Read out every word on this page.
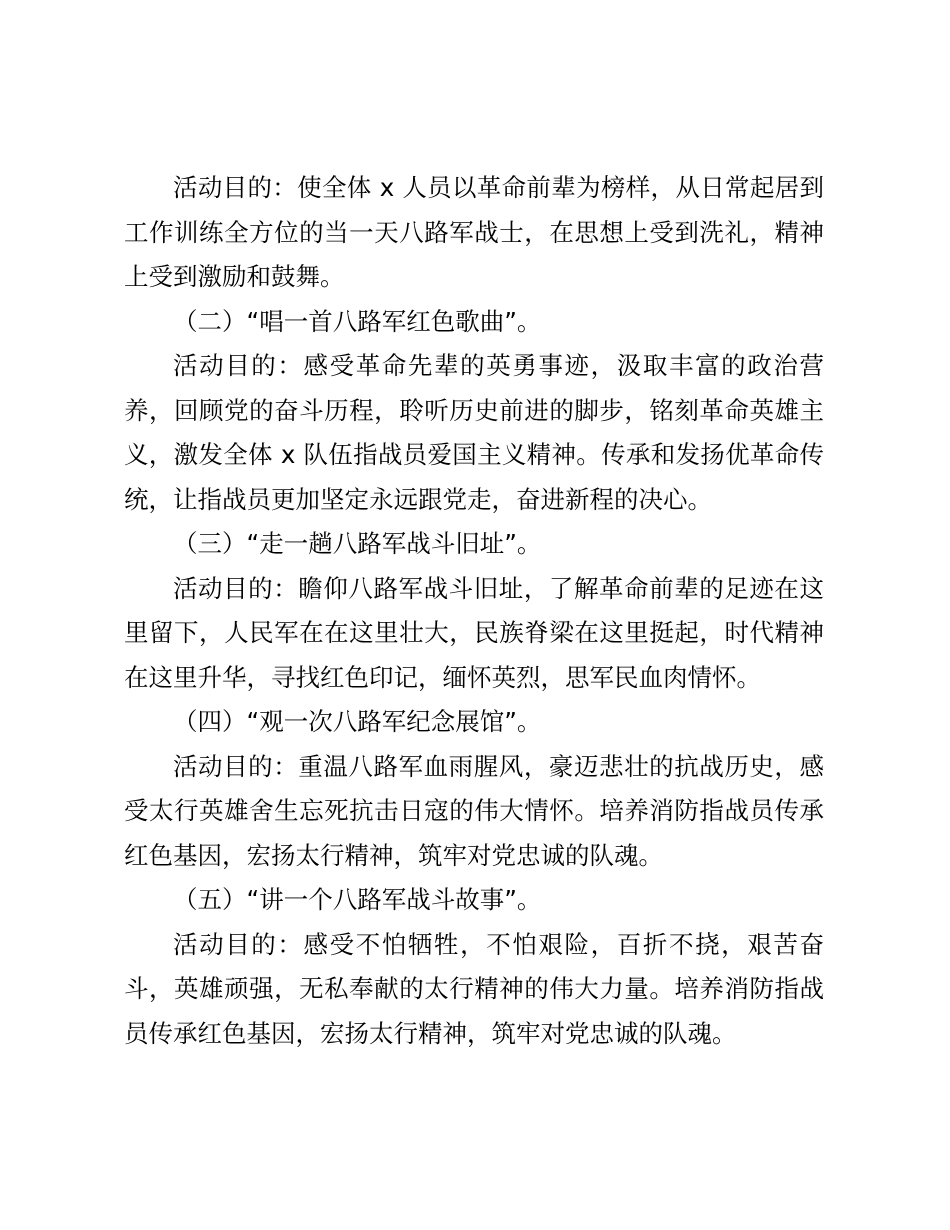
活动目的：使全体 x 人员以革命前辈为榜样，从日常起居到工作训练全方位的当一天八路军战士，在思想上受到洗礼，精神上受到激励和鼓舞。

（二）“唱一首八路军红色歌曲”。

活动目的：感受革命先辈的英勇事迹，汲取丰富的政治营养，回顾党的奋斗历程，聆听历史前进的脚步，铭刻革命英雄主义，激发全体 x 队伍指战员爱国主义精神。传承和发扬优革命传统，让指战员更加坚定永远跟党走，奋进新程的决心。

（三）“走一趟八路军战斗旧址”。

活动目的：瞻仰八路军战斗旧址，了解革命前辈的足迹在这里留下，人民军在在这里壮大，民族脊梁在这里挺起，时代精神在这里升华，寻找红色印记，缅怀英烈，思军民血肉情怀。

（四）“观一次八路军纪念展馆”。

活动目的：重温八路军血雨腥风，豪迈悲壮的抗战历史，感受太行英雄舍生忘死抗击日寇的伟大情怀。培养消防指战员传承红色基因，宏扬太行精神，筑牢对党忠诚的队魂。

（五）“讲一个八路军战斗故事”。

活动目的：感受不怕牺牲，不怕艰险，百折不挠，艰苦奋斗，英雄顽强，无私奉献的太行精神的伟大力量。培养消防指战员传承红色基因，宏扬太行精神，筑牢对党忠诚的队魂。
